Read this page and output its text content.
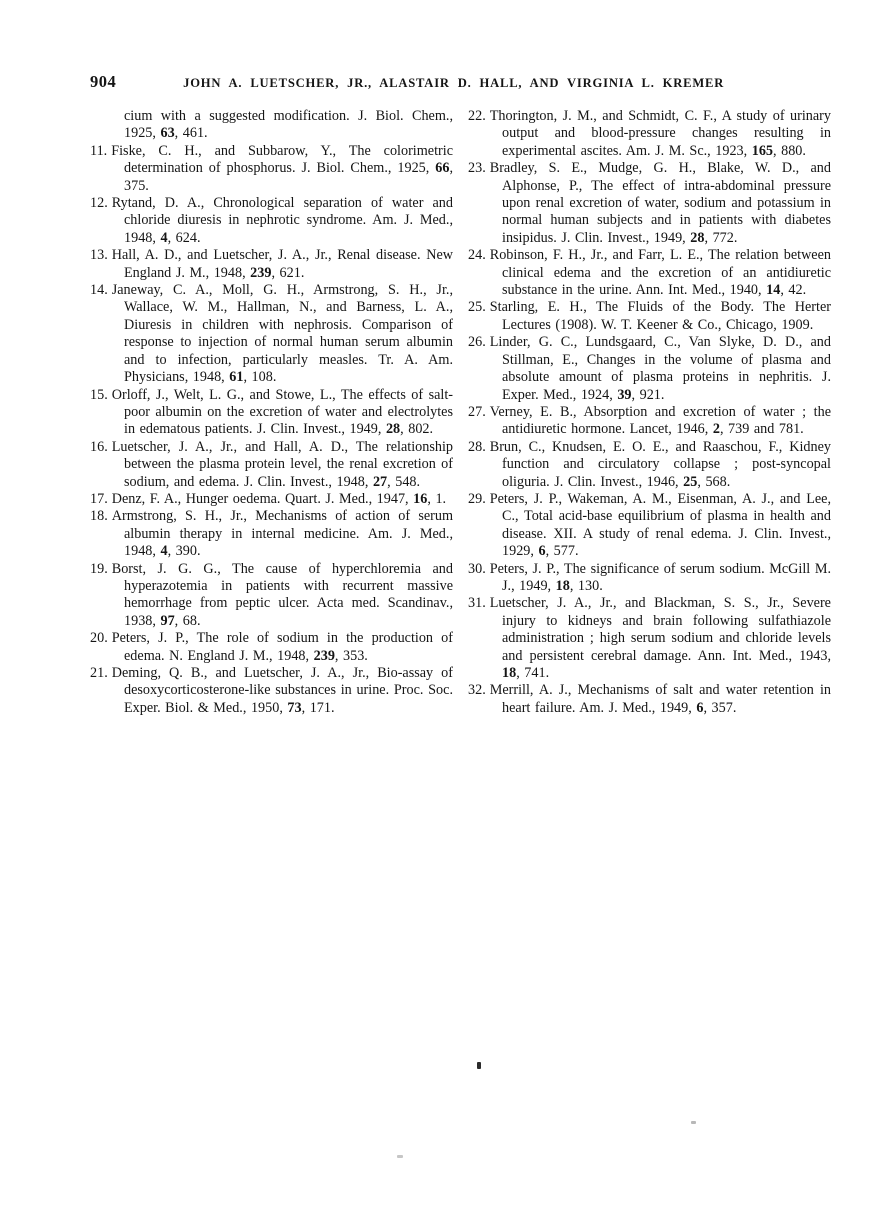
904	JOHN A. LUETSCHER, JR., ALASTAIR D. HALL, AND VIRGINIA L. KREMER
cium with a suggested modification. J. Biol. Chem., 1925, 63, 461.
11. Fiske, C. H., and Subbarow, Y., The colorimetric determination of phosphorus. J. Biol. Chem., 1925, 66, 375.
12. Rytand, D. A., Chronological separation of water and chloride diuresis in nephrotic syndrome. Am. J. Med., 1948, 4, 624.
13. Hall, A. D., and Luetscher, J. A., Jr., Renal disease. New England J. M., 1948, 239, 621.
14. Janeway, C. A., Moll, G. H., Armstrong, S. H., Jr., Wallace, W. M., Hallman, N., and Barness, L. A., Diuresis in children with nephrosis. Comparison of response to injection of normal human serum albumin and to infection, particularly measles. Tr. A. Am. Physicians, 1948, 61, 108.
15. Orloff, J., Welt, L. G., and Stowe, L., The effects of salt-poor albumin on the excretion of water and electrolytes in edematous patients. J. Clin. Invest., 1949, 28, 802.
16. Luetscher, J. A., Jr., and Hall, A. D., The relationship between the plasma protein level, the renal excretion of sodium, and edema. J. Clin. Invest., 1948, 27, 548.
17. Denz, F. A., Hunger oedema. Quart. J. Med., 1947, 16, 1.
18. Armstrong, S. H., Jr., Mechanisms of action of serum albumin therapy in internal medicine. Am. J. Med., 1948, 4, 390.
19. Borst, J. G. G., The cause of hyperchloremia and hyperazotemia in patients with recurrent massive hemorrhage from peptic ulcer. Acta med. Scandinav., 1938, 97, 68.
20. Peters, J. P., The role of sodium in the production of edema. N. England J. M., 1948, 239, 353.
21. Deming, Q. B., and Luetscher, J. A., Jr., Bio-assay of desoxycorticosterone-like substances in urine. Proc. Soc. Exper. Biol. & Med., 1950, 73, 171.
22. Thorington, J. M., and Schmidt, C. F., A study of urinary output and blood-pressure changes resulting in experimental ascites. Am. J. M. Sc., 1923, 165, 880.
23. Bradley, S. E., Mudge, G. H., Blake, W. D., and Alphonse, P., The effect of intra-abdominal pressure upon renal excretion of water, sodium and potassium in normal human subjects and in patients with diabetes insipidus. J. Clin. Invest., 1949, 28, 772.
24. Robinson, F. H., Jr., and Farr, L. E., The relation between clinical edema and the excretion of an antidiuretic substance in the urine. Ann. Int. Med., 1940, 14, 42.
25. Starling, E. H., The Fluids of the Body. The Herter Lectures (1908). W. T. Keener & Co., Chicago, 1909.
26. Linder, G. C., Lundsgaard, C., Van Slyke, D. D., and Stillman, E., Changes in the volume of plasma and absolute amount of plasma proteins in nephritis. J. Exper. Med., 1924, 39, 921.
27. Verney, E. B., Absorption and excretion of water ; the antidiuretic hormone. Lancet, 1946, 2, 739 and 781.
28. Brun, C., Knudsen, E. O. E., and Raaschou, F., Kidney function and circulatory collapse ; post-syncopal oliguria. J. Clin. Invest., 1946, 25, 568.
29. Peters, J. P., Wakeman, A. M., Eisenman, A. J., and Lee, C., Total acid-base equilibrium of plasma in health and disease. XII. A study of renal edema. J. Clin. Invest., 1929, 6, 577.
30. Peters, J. P., The significance of serum sodium. McGill M. J., 1949, 18, 130.
31. Luetscher, J. A., Jr., and Blackman, S. S., Jr., Severe injury to kidneys and brain following sulfathiazole administration ; high serum sodium and chloride levels and persistent cerebral damage. Ann. Int. Med., 1943, 18, 741.
32. Merrill, A. J., Mechanisms of salt and water retention in heart failure. Am. J. Med., 1949, 6, 357.
